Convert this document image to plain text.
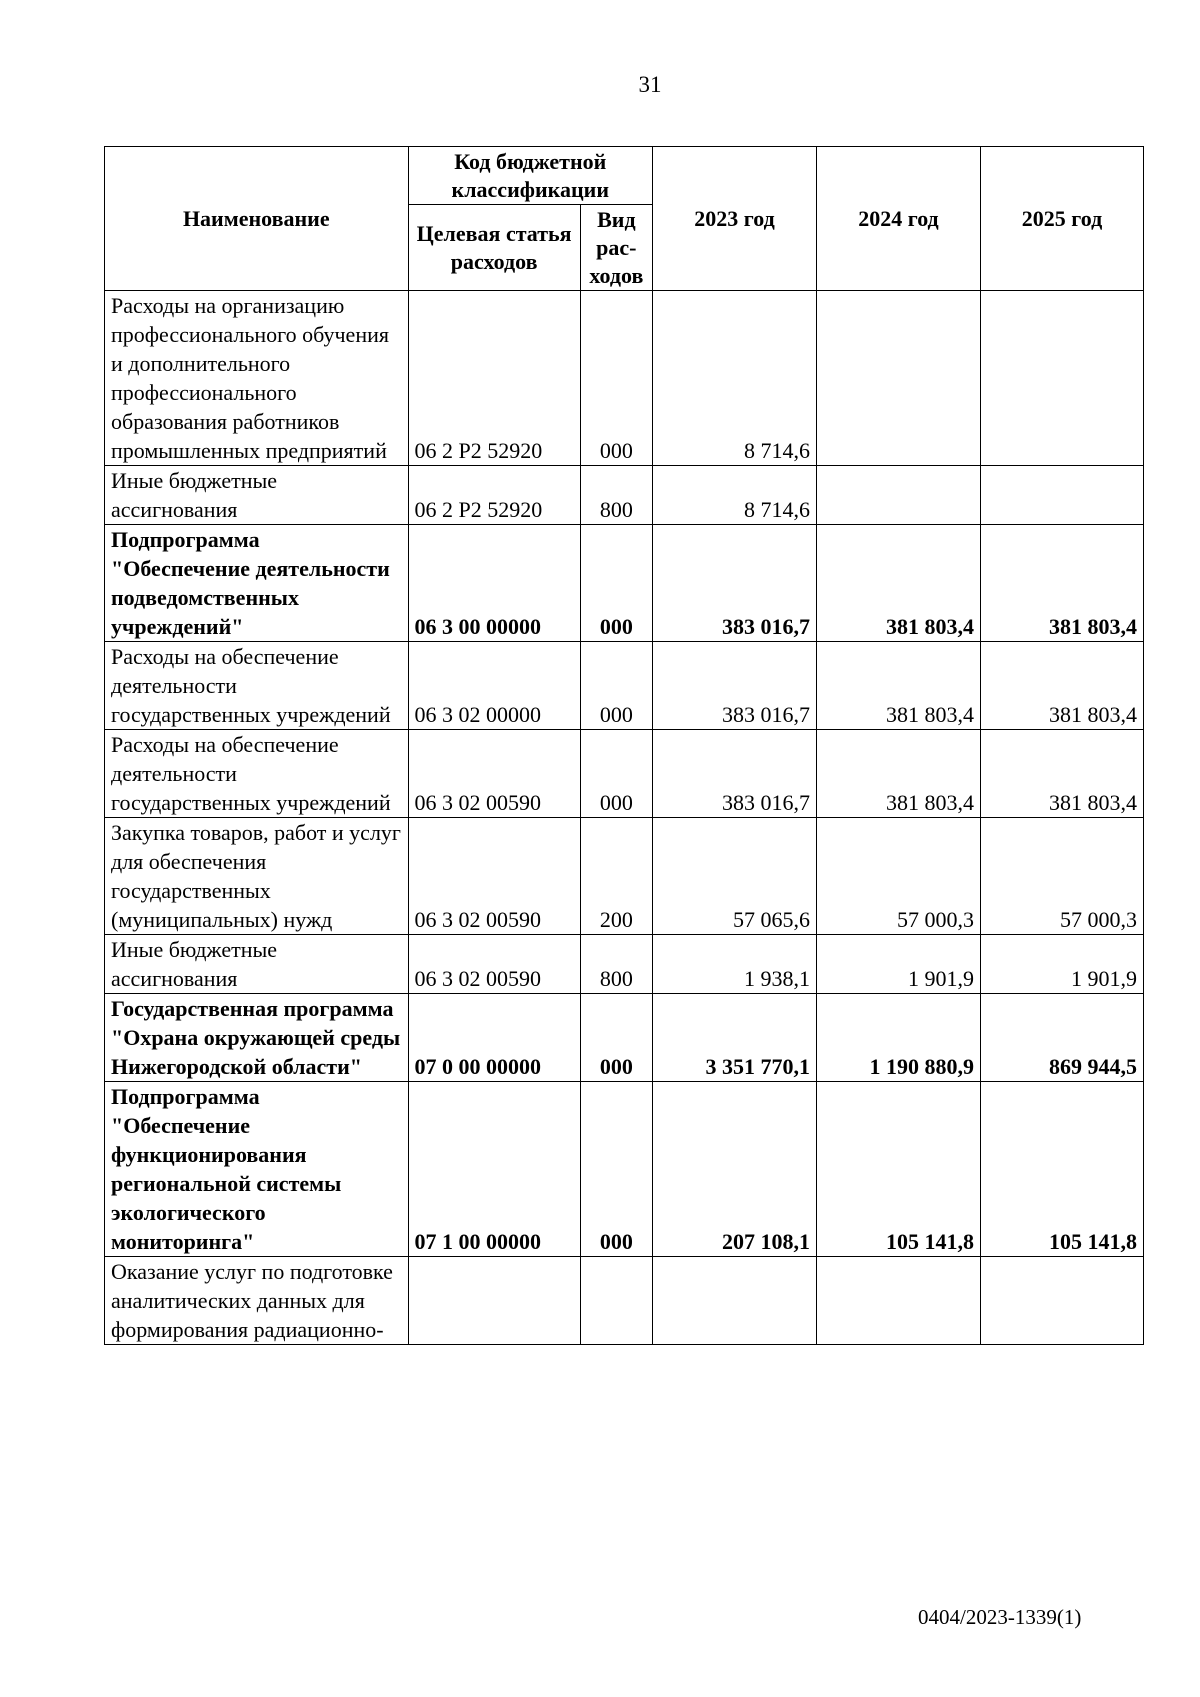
31
Наименование	Код бюджетной классификации		2023 год	2024 год	2025 год
	Целевая статья расходов	Вид рас-ходов			
Расходы на организацию профессионального обучения и дополнительного профессионального образования работников промышленных предприятий	06 2 P2 52920	000	8 714,6		
Иные бюджетные ассигнования	06 2 P2 52920	800	8 714,6		
Подпрограмма "Обеспечение деятельности подведомственных учреждений"	06 3 00 00000	000	383 016,7	381 803,4	381 803,4
Расходы на обеспечение деятельности государственных учреждений	06 3 02 00000	000	383 016,7	381 803,4	381 803,4
Расходы на обеспечение деятельности государственных учреждений	06 3 02 00590	000	383 016,7	381 803,4	381 803,4
Закупка товаров, работ и услуг для обеспечения государственных (муниципальных) нужд	06 3 02 00590	200	57 065,6	57 000,3	57 000,3
Иные бюджетные ассигнования	06 3 02 00590	800	1 938,1	1 901,9	1 901,9
Государственная программа "Охрана окружающей среды Нижегородской области"	07 0 00 00000	000	3 351 770,1	1 190 880,9	869 944,5
Подпрограмма "Обеспечение функционирования региональной системы экологического мониторинга"	07 1 00 00000	000	207 108,1	105 141,8	105 141,8
Оказание услуг по подготовке аналитических данных для формирования радиационно-					
0404/2023-1339(1)
